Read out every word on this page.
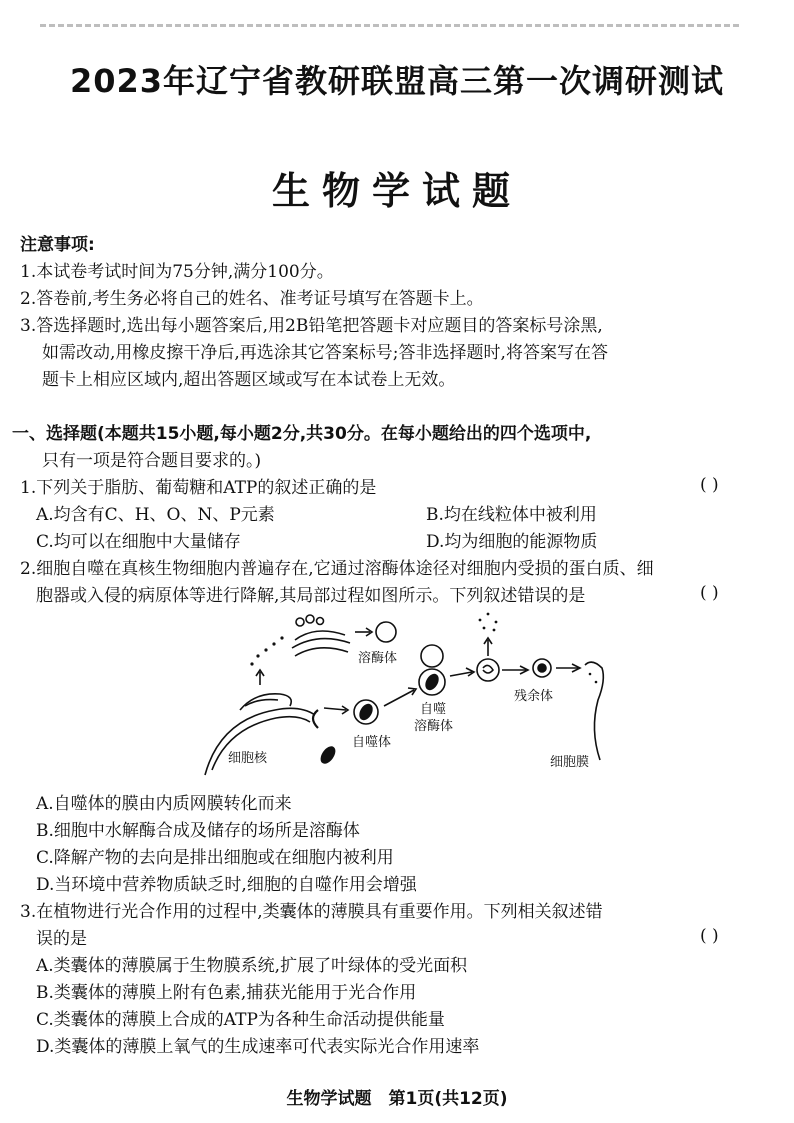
2023年辽宁省教研联盟高三第一次调研测试
生物学试题
注意事项:
1.本试卷考试时间为75分钟,满分100分。
2.答卷前,考生务必将自己的姓名、准考证号填写在答题卡上。
3.答选择题时,选出每小题答案后,用2B铅笔把答题卡对应题目的答案标号涂黑,
如需改动,用橡皮擦干净后,再选涂其它答案标号;答非选择题时,将答案写在答
题卡上相应区域内,超出答题区域或写在本试卷上无效。
一、选择题(本题共15小题,每小题2分,共30分。在每小题给出的四个选项中,
只有一项是符合题目要求的。)
1.下列关于脂肪、葡萄糖和ATP的叙述正确的是	( )
A.均含有C、H、O、N、P元素	B.均在线粒体中被利用
C.均可以在细胞中大量储存	D.均为细胞的能源物质
2.细胞自噬在真核生物细胞内普遍存在,它通过溶酶体途径对细胞内受损的蛋白质、细
胞器或入侵的病原体等进行降解,其局部过程如图所示。下列叙述错误的是	( )
溶酶体
自噬
溶酶体
残余体
细胞核
自噬体
细胞膜
A.自噬体的膜由内质网膜转化而来
B.细胞中水解酶合成及储存的场所是溶酶体
C.降解产物的去向是排出细胞或在细胞内被利用
D.当环境中营养物质缺乏时,细胞的自噬作用会增强
3.在植物进行光合作用的过程中,类囊体的薄膜具有重要作用。下列相关叙述错
误的是	( )
A.类囊体的薄膜属于生物膜系统,扩展了叶绿体的受光面积
B.类囊体的薄膜上附有色素,捕获光能用于光合作用
C.类囊体的薄膜上合成的ATP为各种生命活动提供能量
D.类囊体的薄膜上氧气的生成速率可代表实际光合作用速率
生物学试题　第1页(共12页)
